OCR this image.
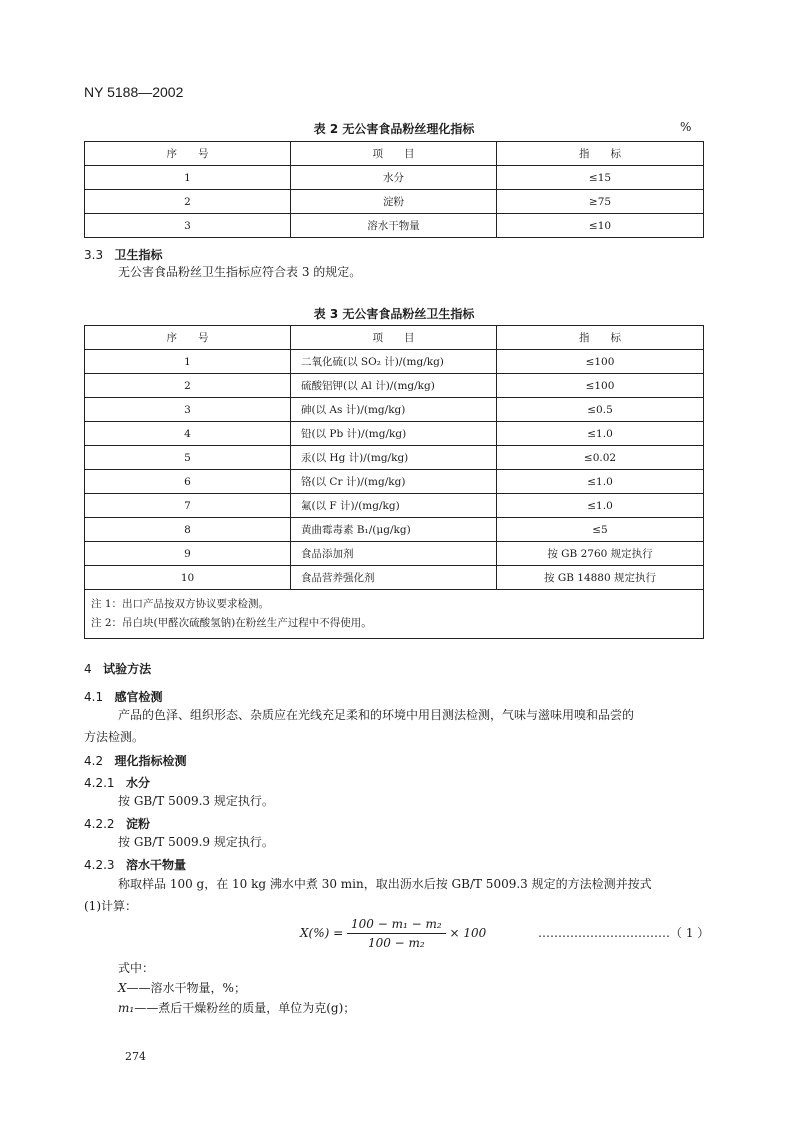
NY 5188—2002
表 2 无公害食品粉丝理化指标	%
序　　号	项　　目	指　　标
1	水分	≤15
2	淀粉	≥75
3	溶水干物量	≤10
3.3 卫生指标
无公害食品粉丝卫生指标应符合表 3 的规定。
表 3 无公害食品粉丝卫生指标
序　　号	项　　目	指　　标
1	二氧化硫(以 SO₂ 计)/(mg/kg)	≤100
2	硫酸铝钾(以 Al 计)/(mg/kg)	≤100
3	砷(以 As 计)/(mg/kg)	≤0.5
4	铅(以 Pb 计)/(mg/kg)	≤1.0
5	汞(以 Hg 计)/(mg/kg)	≤0.02
6	铬(以 Cr 计)/(mg/kg)	≤1.0
7	氟(以 F 计)/(mg/kg)	≤1.0
8	黄曲霉毒素 B₁/(μg/kg)	≤5
9	食品添加剂	按 GB 2760 规定执行
10	食品营养强化剂	按 GB 14880 规定执行
注 1：出口产品按双方协议要求检测。		
注 2：吊白块(甲醛次硫酸氢钠)在粉丝生产过程中不得使用。		
4 试验方法
4.1 感官检测
产品的色泽、组织形态、杂质应在光线充足柔和的环境中用目测法检测，气味与滋味用嗅和品尝的
方法检测。
4.2 理化指标检测
4.2.1 水分
按 GB/T 5009.3 规定执行。
4.2.2 淀粉
按 GB/T 5009.9 规定执行。
4.2.3 溶水干物量
称取样品 100 g，在 10 kg 沸水中煮 30 min，取出沥水后按 GB/T 5009.3 规定的方法检测并按式
(1)计算：
$X(\%) = \frac{\text{100 − m₁ − m₂}}{\text{100 − m₂}} \times 100$	……………………………（ 1 ）
式中：
X——溶水干物量，%；
m₁——煮后干燥粉丝的质量，单位为克(g)；
274
